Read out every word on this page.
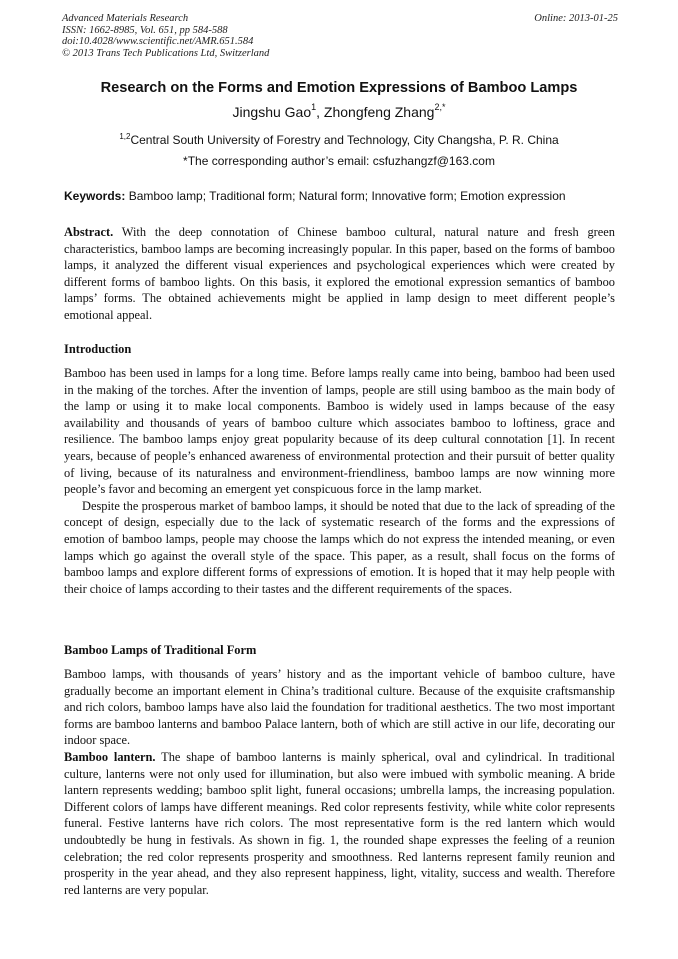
Advanced Materials Research
ISSN: 1662-8985, Vol. 651, pp 584-588
doi:10.4028/www.scientific.net/AMR.651.584
© 2013 Trans Tech Publications Ltd, Switzerland
Online: 2013-01-25
Research on the Forms and Emotion Expressions of Bamboo Lamps
Jingshu Gao$^1$, Zhongfeng Zhang$^{2,*}$
$^{1,2}$Central South University of Forestry and Technology, City Changsha, P. R. China
*The corresponding author’s email: csfuzhangzf@163.com
Keywords: Bamboo lamp; Traditional form; Natural form; Innovative form; Emotion expression

Abstract. With the deep connotation of Chinese bamboo cultural, natural nature and fresh green characteristics, bamboo lamps are becoming increasingly popular. In this paper, based on the forms of bamboo lamps, it analyzed the different visual experiences and psychological experiences which were created by different forms of bamboo lights. On this basis, it explored the emotional expression semantics of bamboo lamps’ forms. The obtained achievements might be applied in lamp design to meet different people’s emotional appeal.

Introduction

Bamboo has been used in lamps for a long time. Before lamps really came into being, bamboo had been used in the making of the torches. After the invention of lamps, people are still using bamboo as the main body of the lamp or using it to make local components. Bamboo is widely used in lamps because of the easy availability and thousands of years of bamboo culture which associates bamboo to loftiness, grace and resilience. The bamboo lamps enjoy great popularity because of its deep cultural connotation [1]. In recent years, because of people’s enhanced awareness of environmental protection and their pursuit of better quality of living, because of its naturalness and environment-friendliness, bamboo lamps are now winning more people’s favor and becoming an emergent yet conspicuous force in the lamp market.

Despite the prosperous market of bamboo lamps, it should be noted that due to the lack of spreading of the concept of design, especially due to the lack of systematic research of the forms and the expressions of emotion of bamboo lamps, people may choose the lamps which do not express the intended meaning, or even lamps which go against the overall style of the space. This paper, as a result, shall focus on the forms of bamboo lamps and explore different forms of expressions of emotion. It is hoped that it may help people with their choice of lamps according to their tastes and the different requirements of the spaces.

Bamboo Lamps of Traditional Form

Bamboo lamps, with thousands of years’ history and as the important vehicle of bamboo culture, have gradually become an important element in China’s traditional culture. Because of the exquisite craftsmanship and rich colors, bamboo lamps have also laid the foundation for traditional aesthetics. The two most important forms are bamboo lanterns and bamboo Palace lantern, both of which are still active in our life, decorating our indoor space.

Bamboo lantern. The shape of bamboo lanterns is mainly spherical, oval and cylindrical. In traditional culture, lanterns were not only used for illumination, but also were imbued with symbolic meaning. A bride lantern represents wedding; bamboo split light, funeral occasions; umbrella lamps, the increasing population. Different colors of lamps have different meanings. Red color represents festivity, while white color represents funeral. Festive lanterns have rich colors. The most representative form is the red lantern which would undoubtedly be hung in festivals. As shown in fig. 1, the rounded shape expresses the feeling of a reunion celebration; the red color represents prosperity and smoothness. Red lanterns represent family reunion and prosperity in the year ahead, and they also represent happiness, light, vitality, success and wealth. Therefore red lanterns are very popular.
